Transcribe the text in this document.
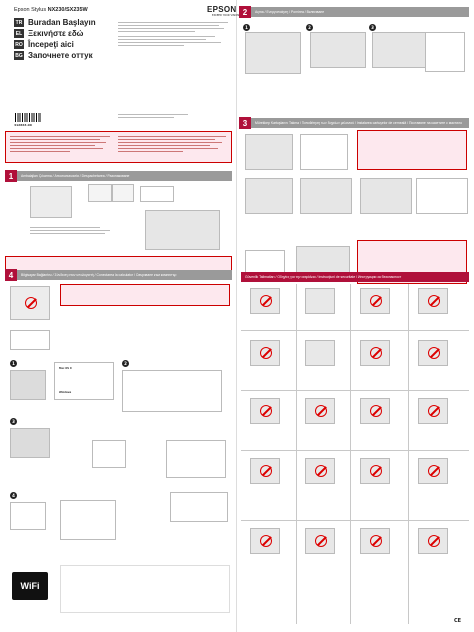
Epson Stylus NX230/SX235W	EPSON
EXCEED YOUR VISION
TR Buradan Başlayın
EL Ξεκινήστε εδώ
RO Începeţi aici
BG Започнете оттук
412863.00
1	Ambalajları Çıkarma / Αποσυσκευασία / Despachetarea / Разопаковане
4	Bilgisayar Bağlantısı / Σύνδεση στον υπολογιστή / Conectarea la calculator / Свързване към компютър
1
Mac OS X
Windows
2
3
4
WiFi
2	Açma / Ενεργοποίηση / Pornirea / Включване
1	2	3
3	Mürekkep Kartuşlarını Takma / Τοποθέτηση των δοχείων μελανιού / Instalarea cartuşelor de cerneală / Поставяне на касетите с мастило
Güvenlik Talimatları / Οδηγίες για την ασφάλεια / Instrucţiuni de securitate / Инструкции за безопасност
CE
